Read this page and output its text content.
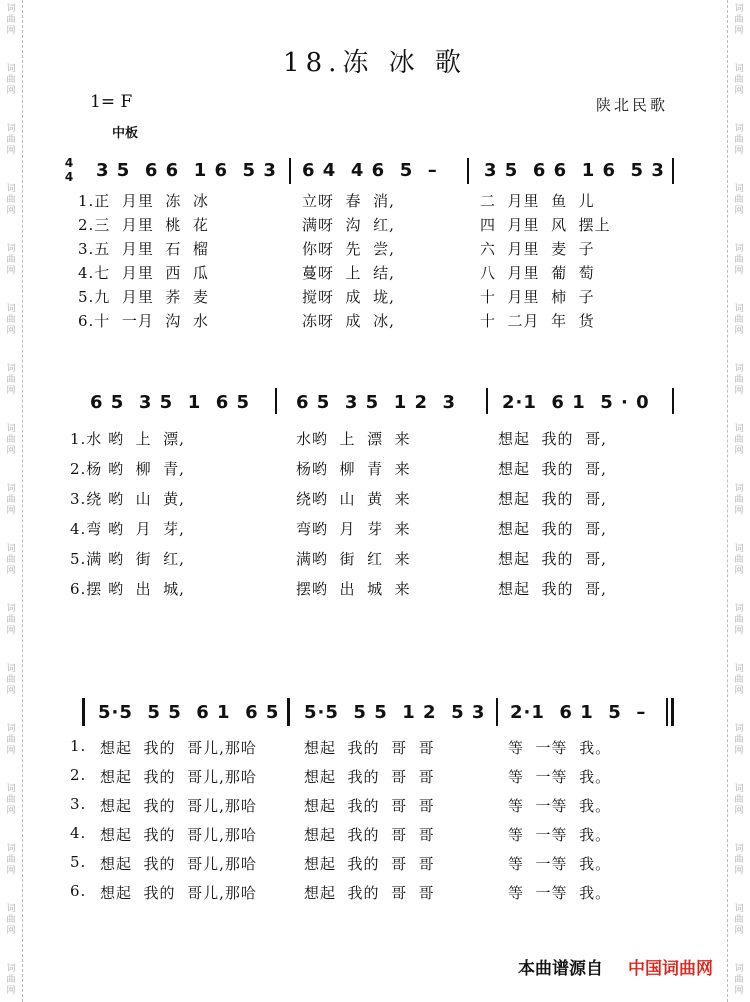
词
曲
网
词
曲
网
词
曲
网
词
曲
网
词
曲
网
词
曲
网
词
曲
网
词
曲
网
词
曲
网
词
曲
网
词
曲
网
词
曲
网
词
曲
网
词
曲
网
词
曲
网
词
曲
网
词
曲
网
词
曲
网
词
曲
网
词
曲
网
词
曲
网
词
曲
网
词
曲
网
词
曲
网
词
曲
网
词
曲
网
词
曲
网
词
曲
网
词
曲
网
词
曲
网
词
曲
网
词
曲
网
词
曲
网
词
曲
网
18.冻 冰 歌
1= F	陕北民歌
中板
4
4 3 5  6 6  1 6  5 3 6 4  4 6  5  –	3 5  6 6  1 6  5 3
1.正  月里  冻  冰	立呀  春  消,	二  月里  鱼  儿
2.三  月里  桃  花	满呀  沟  红,	四  月里  风  摆上
3.五  月里  石  榴	你呀  先  尝,	六  月里  麦  子
4.七  月里  西  瓜	蔓呀  上  结,	八  月里  葡  萄
5.九  月里  荞  麦	搅呀  成  垅,	十  月里  柿  子
6.十  一月  沟  水	冻呀  成  冰,	十  二月  年  货
6 5  3 5  1  6 5	6 5  3 5  1 2  3	2·1  6 1  5 · 0
1.水 哟  上  漂,	水哟  上  漂  来	想起  我的  哥,
2.杨 哟  柳  青,	杨哟  柳  青  来	想起  我的  哥,
3.绕 哟  山  黄,	绕哟  山  黄  来	想起  我的  哥,
4.弯 哟  月  芽,	弯哟  月  芽  来	想起  我的  哥,
5.满 哟  街  红,	满哟  街  红  来	想起  我的  哥,
6.摆 哟  出  城,	摆哟  出  城  来	想起  我的  哥,
5·5  5 5  6 1  6 5 5·5  5 5  1 2  5 3 2·1  6 1  5  –
1. 想起  我的  哥儿,那哈	想起  我的  哥  哥	等  一等  我。
2. 想起  我的  哥儿,那哈	想起  我的  哥  哥	等  一等  我。
3. 想起  我的  哥儿,那哈	想起  我的  哥  哥	等  一等  我。
4. 想起  我的  哥儿,那哈	想起  我的  哥  哥	等  一等  我。
5. 想起  我的  哥儿,那哈	想起  我的  哥  哥	等  一等  我。
6. 想起  我的  哥儿,那哈	想起  我的  哥  哥	等  一等  我。
本曲谱源自 中国词曲网
